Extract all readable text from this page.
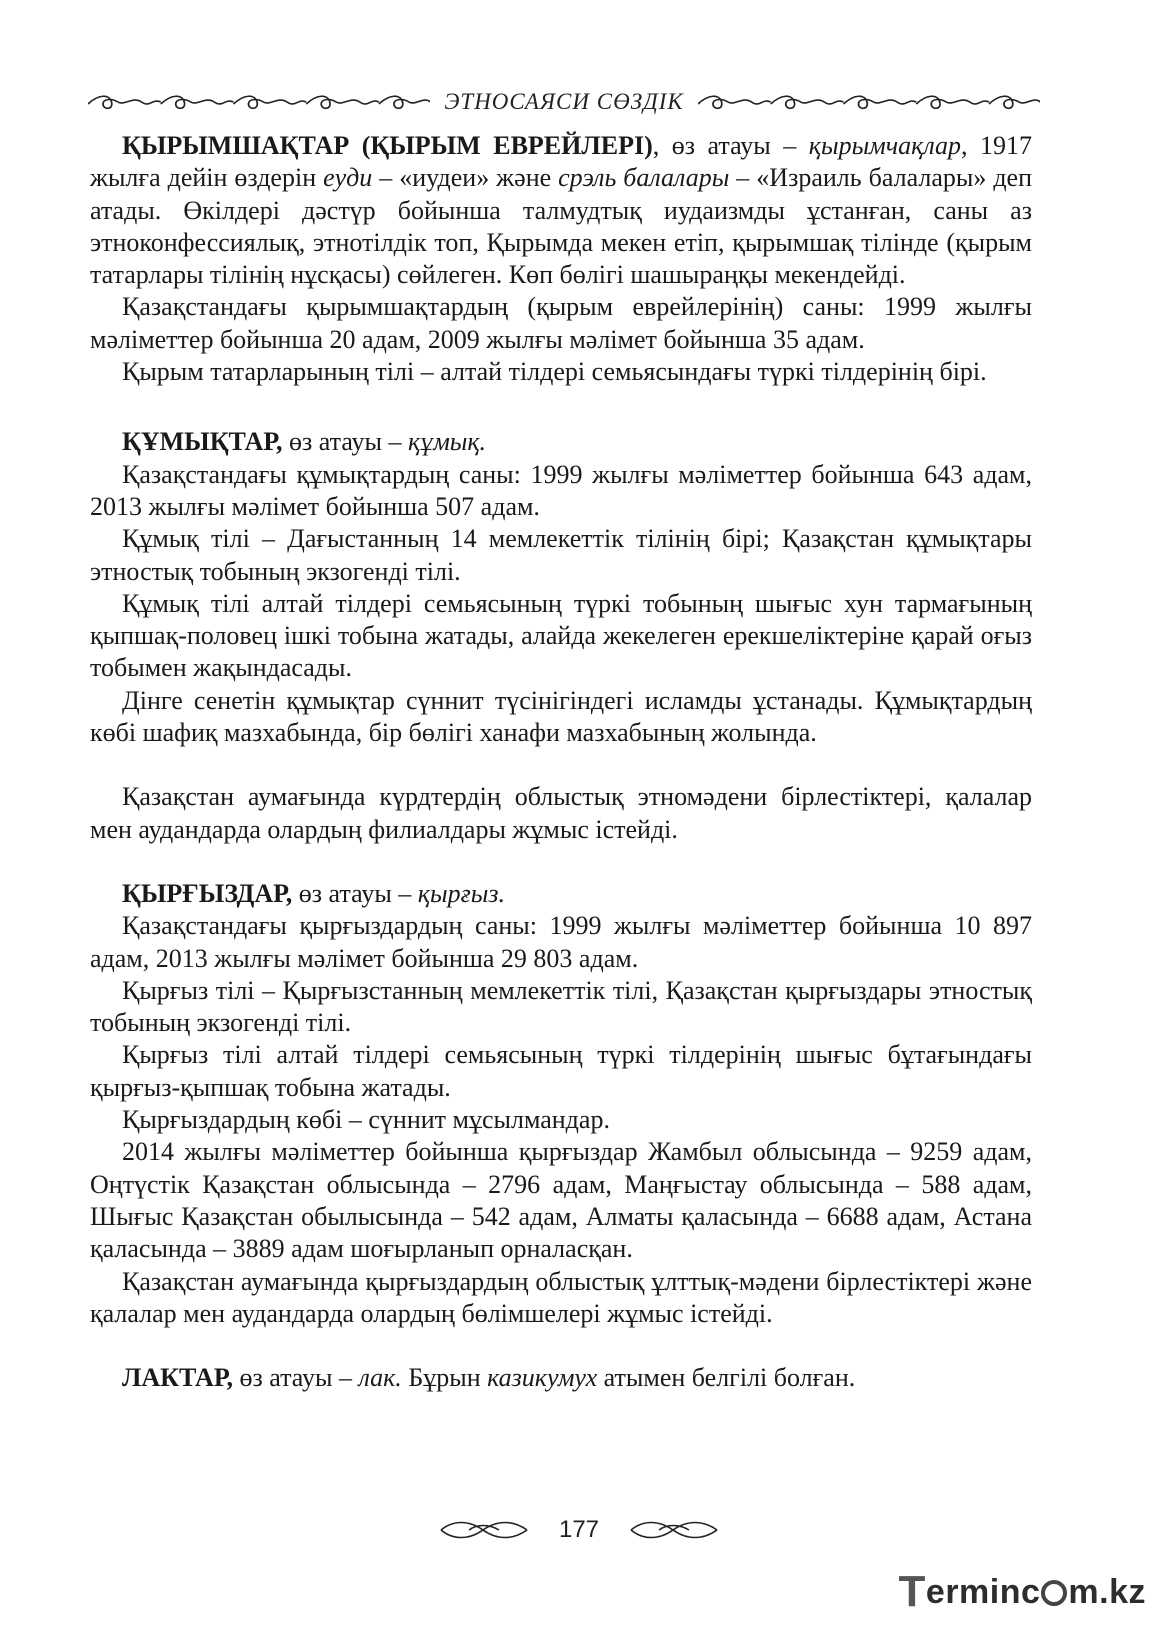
ЭТНОСАЯСИ СӨЗДІК

ҚЫРЫМШАҚТАР (ҚЫРЫМ ЕВРЕЙЛЕРІ), өз атауы – қырымчақлар, 1917 жылға дейін өздерін еуди – «иудеи» және срэль балалары – «Израиль балалары» деп атады. Өкілдері дәстүр бойынша талмудтық иудаизмды ұстанған, саны аз этноконфессиялық, этнотілдік топ, Қырымда мекен етіп, қырымшақ тілінде (қырым татарлары тілінің нұсқасы) сөйлеген. Көп бөлігі шашыраңқы мекендейді.

Қазақстандағы қырымшақтардың (қырым еврейлерінің) саны: 1999 жылғы мәліметтер бойынша 20 адам, 2009 жылғы мәлімет бойынша 35 адам.

Қырым татарларының тілі – алтай тілдері семьясындағы түркі тілдерінің бірі.

ҚҰМЫҚТАР, өз атауы – құмық.

Қазақстандағы құмықтардың саны: 1999 жылғы мәліметтер бойынша 643 адам, 2013 жылғы мәлімет бойынша 507 адам.

Құмық тілі – Дағыстанның 14 мемлекеттік тілінің бірі; Қазақстан құмықтары этностық тобының экзогенді тілі.

Құмық тілі алтай тілдері семьясының түркі тобының шығыс хун тармағының қыпшақ-половец ішкі тобына жатады, алайда жекелеген ерекшеліктеріне қарай оғыз тобымен жақындасады.

Дінге сенетін құмықтар сүннит түсінігіндегі исламды ұстанады. Құмықтардың көбі шафиқ мазхабында, бір бөлігі ханафи мазхабының жолында.

Қазақстан аумағында күрдтердің облыстық этномәдени бірлестіктері, қалалар мен аудандарда олардың филиалдары жұмыс істейді.

ҚЫРҒЫЗДАР, өз атауы – қырғыз.

Қазақстандағы қырғыздардың саны: 1999 жылғы мәліметтер бойынша 10 897 адам, 2013 жылғы мәлімет бойынша 29 803 адам.

Қырғыз тілі – Қырғызстанның мемлекеттік тілі, Қазақстан қырғыздары этностық тобының экзогенді тілі.

Қырғыз тілі алтай тілдері семьясының түркі тілдерінің шығыс бұтағындағы қырғыз-қыпшақ тобына жатады.

Қырғыздардың көбі – сүннит мұсылмандар.

2014 жылғы мәліметтер бойынша қырғыздар Жамбыл облысында – 9259 адам, Оңтүстік Қазақстан облысында – 2796 адам, Маңғыстау облысында – 588 адам, Шығыс Қазақстан обылысында – 542 адам, Алматы қаласында – 6688 адам, Астана қаласында – 3889 адам шоғырланып орналасқан.

Қазақстан аумағында қырғыздардың облыстық ұлттық-мәдени бірлестіктері және қалалар мен аудандарда олардың бөлімшелері жұмыс істейді.

ЛАКТАР, өз атауы – лак. Бұрын казикумух атымен белгілі болған.

177
T erminc m.kz
